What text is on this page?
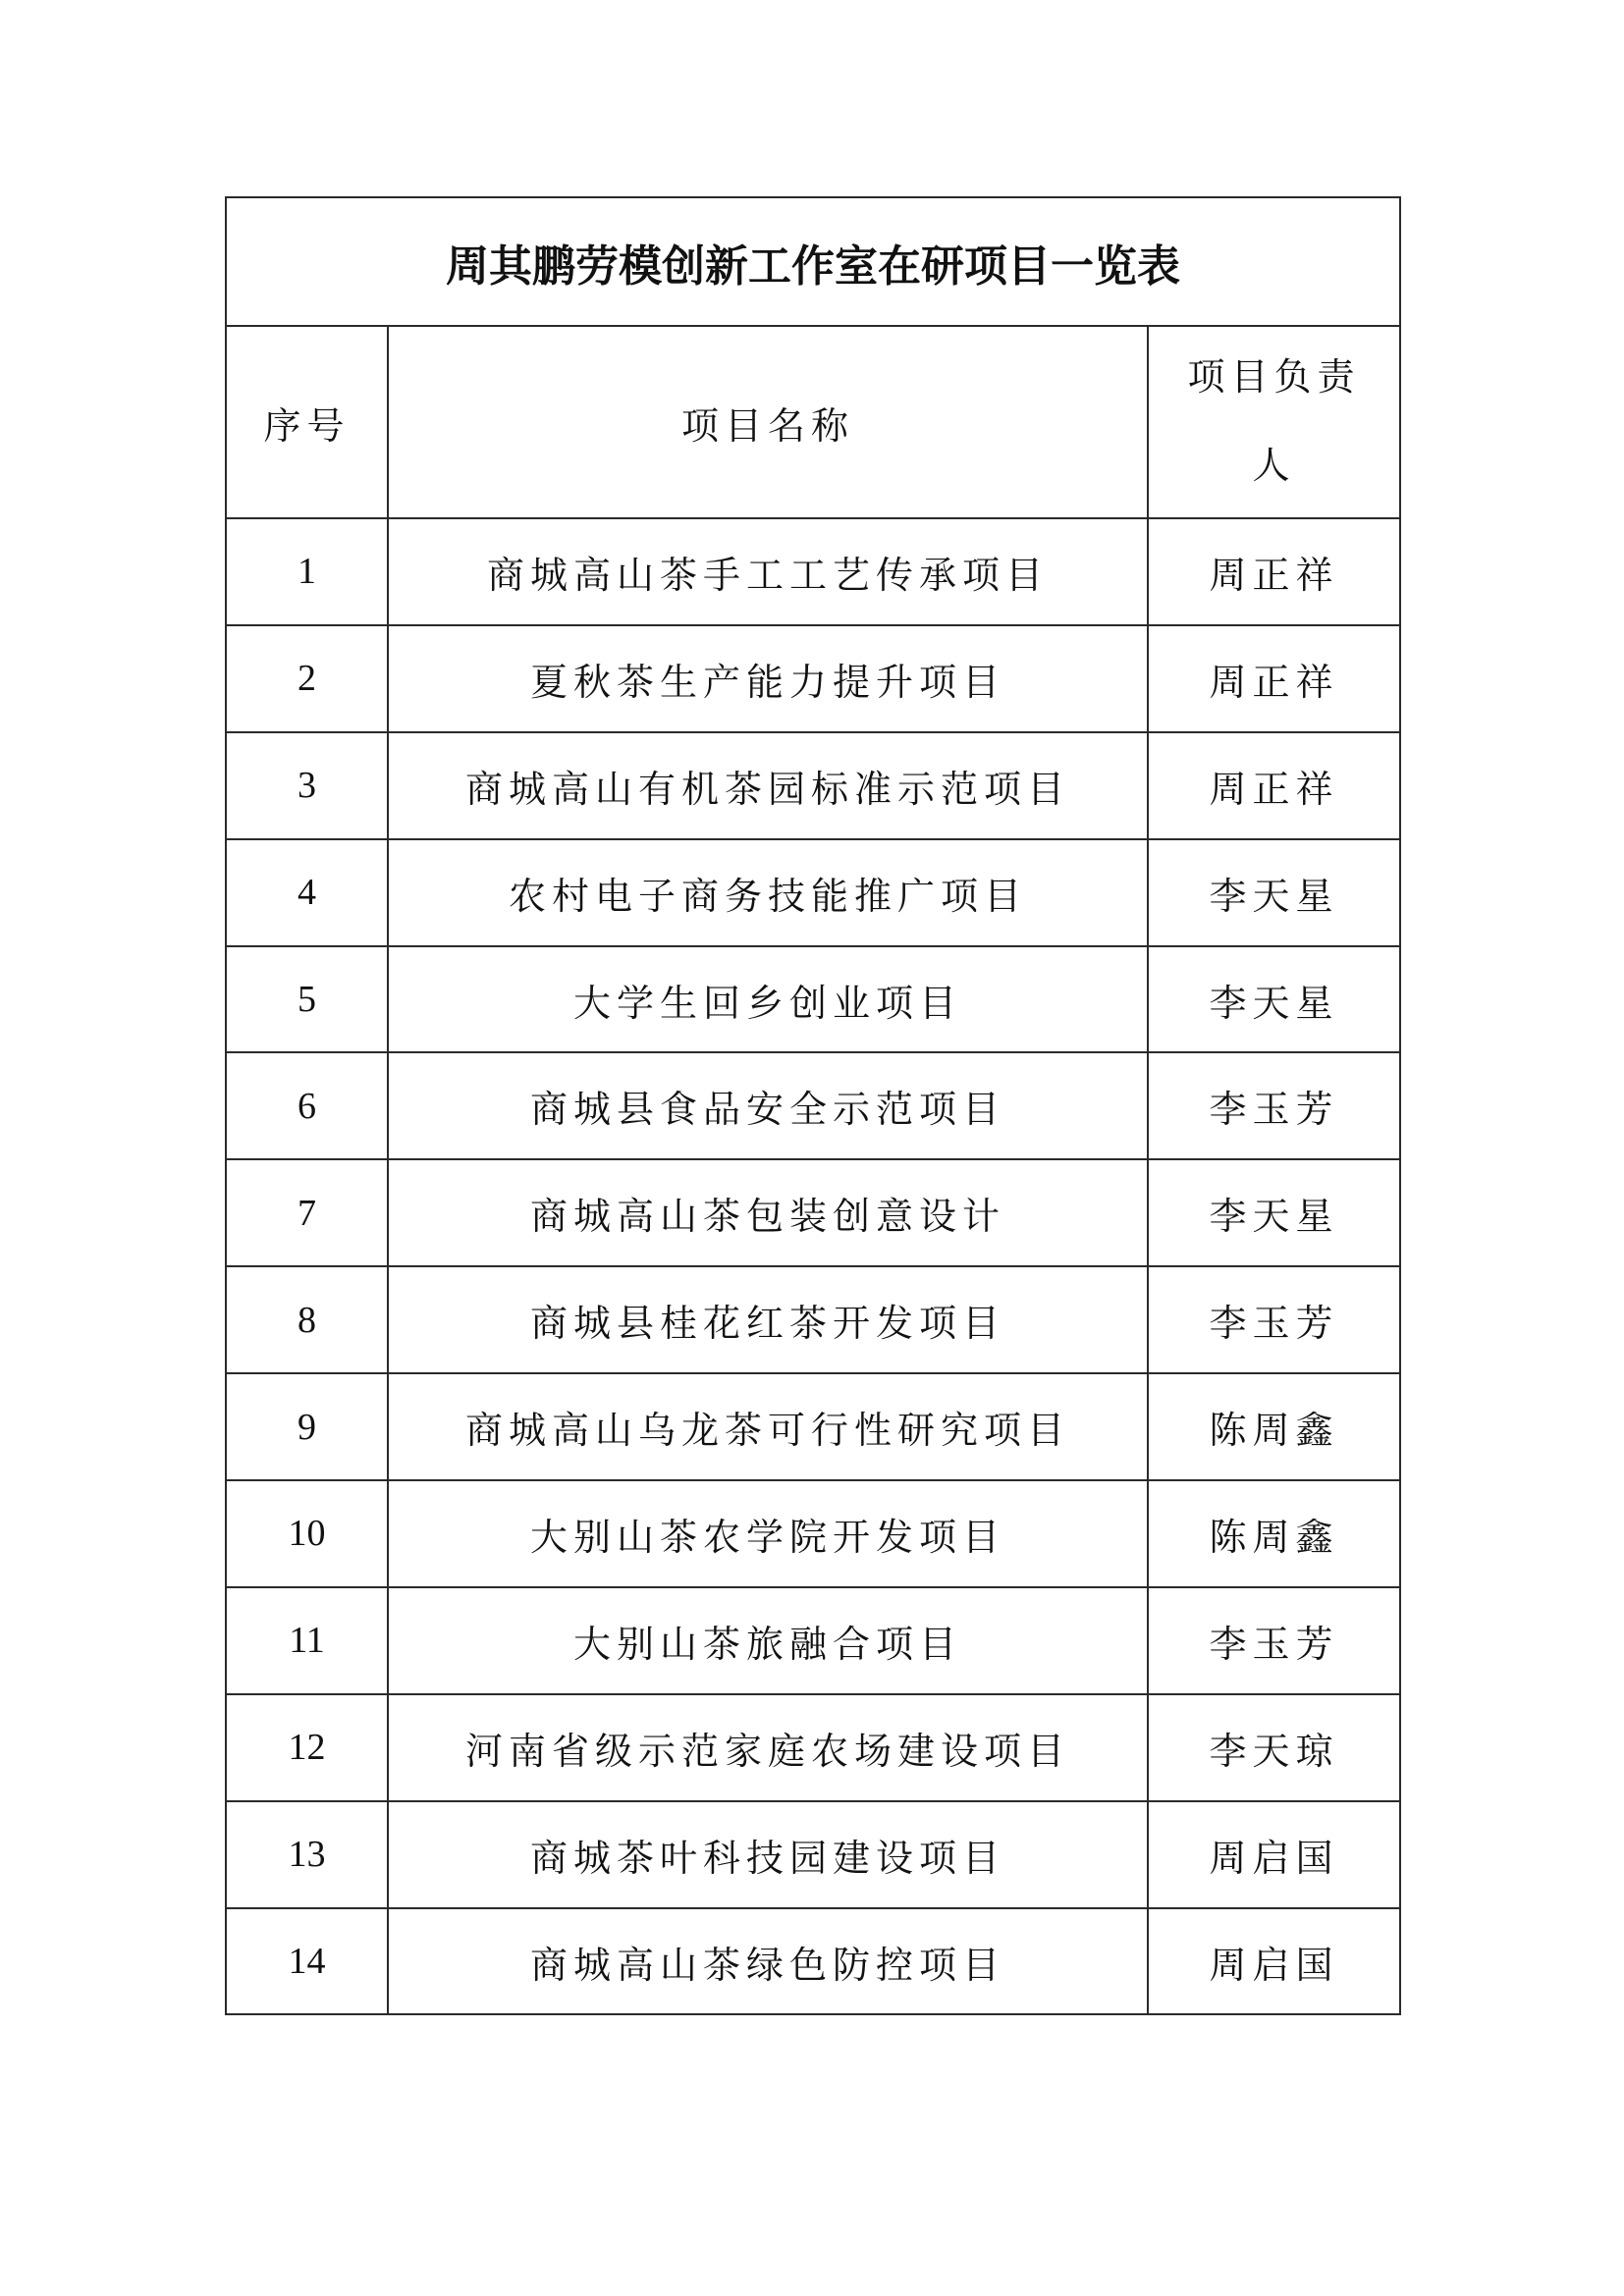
周其鹏劳模创新工作室在研项目一览表		
序号	项目名称	项目负责人
1	商城高山茶手工工艺传承项目	周正祥
2	夏秋茶生产能力提升项目	周正祥
3	商城高山有机茶园标准示范项目	周正祥
4	农村电子商务技能推广项目	李天星
5	大学生回乡创业项目	李天星
6	商城县食品安全示范项目	李玉芳
7	商城高山茶包装创意设计	李天星
8	商城县桂花红茶开发项目	李玉芳
9	商城高山乌龙茶可行性研究项目	陈周鑫
10	大别山茶农学院开发项目	陈周鑫
11	大别山茶旅融合项目	李玉芳
12	河南省级示范家庭农场建设项目	李天琼
13	商城茶叶科技园建设项目	周启国
14	商城高山茶绿色防控项目	周启国
